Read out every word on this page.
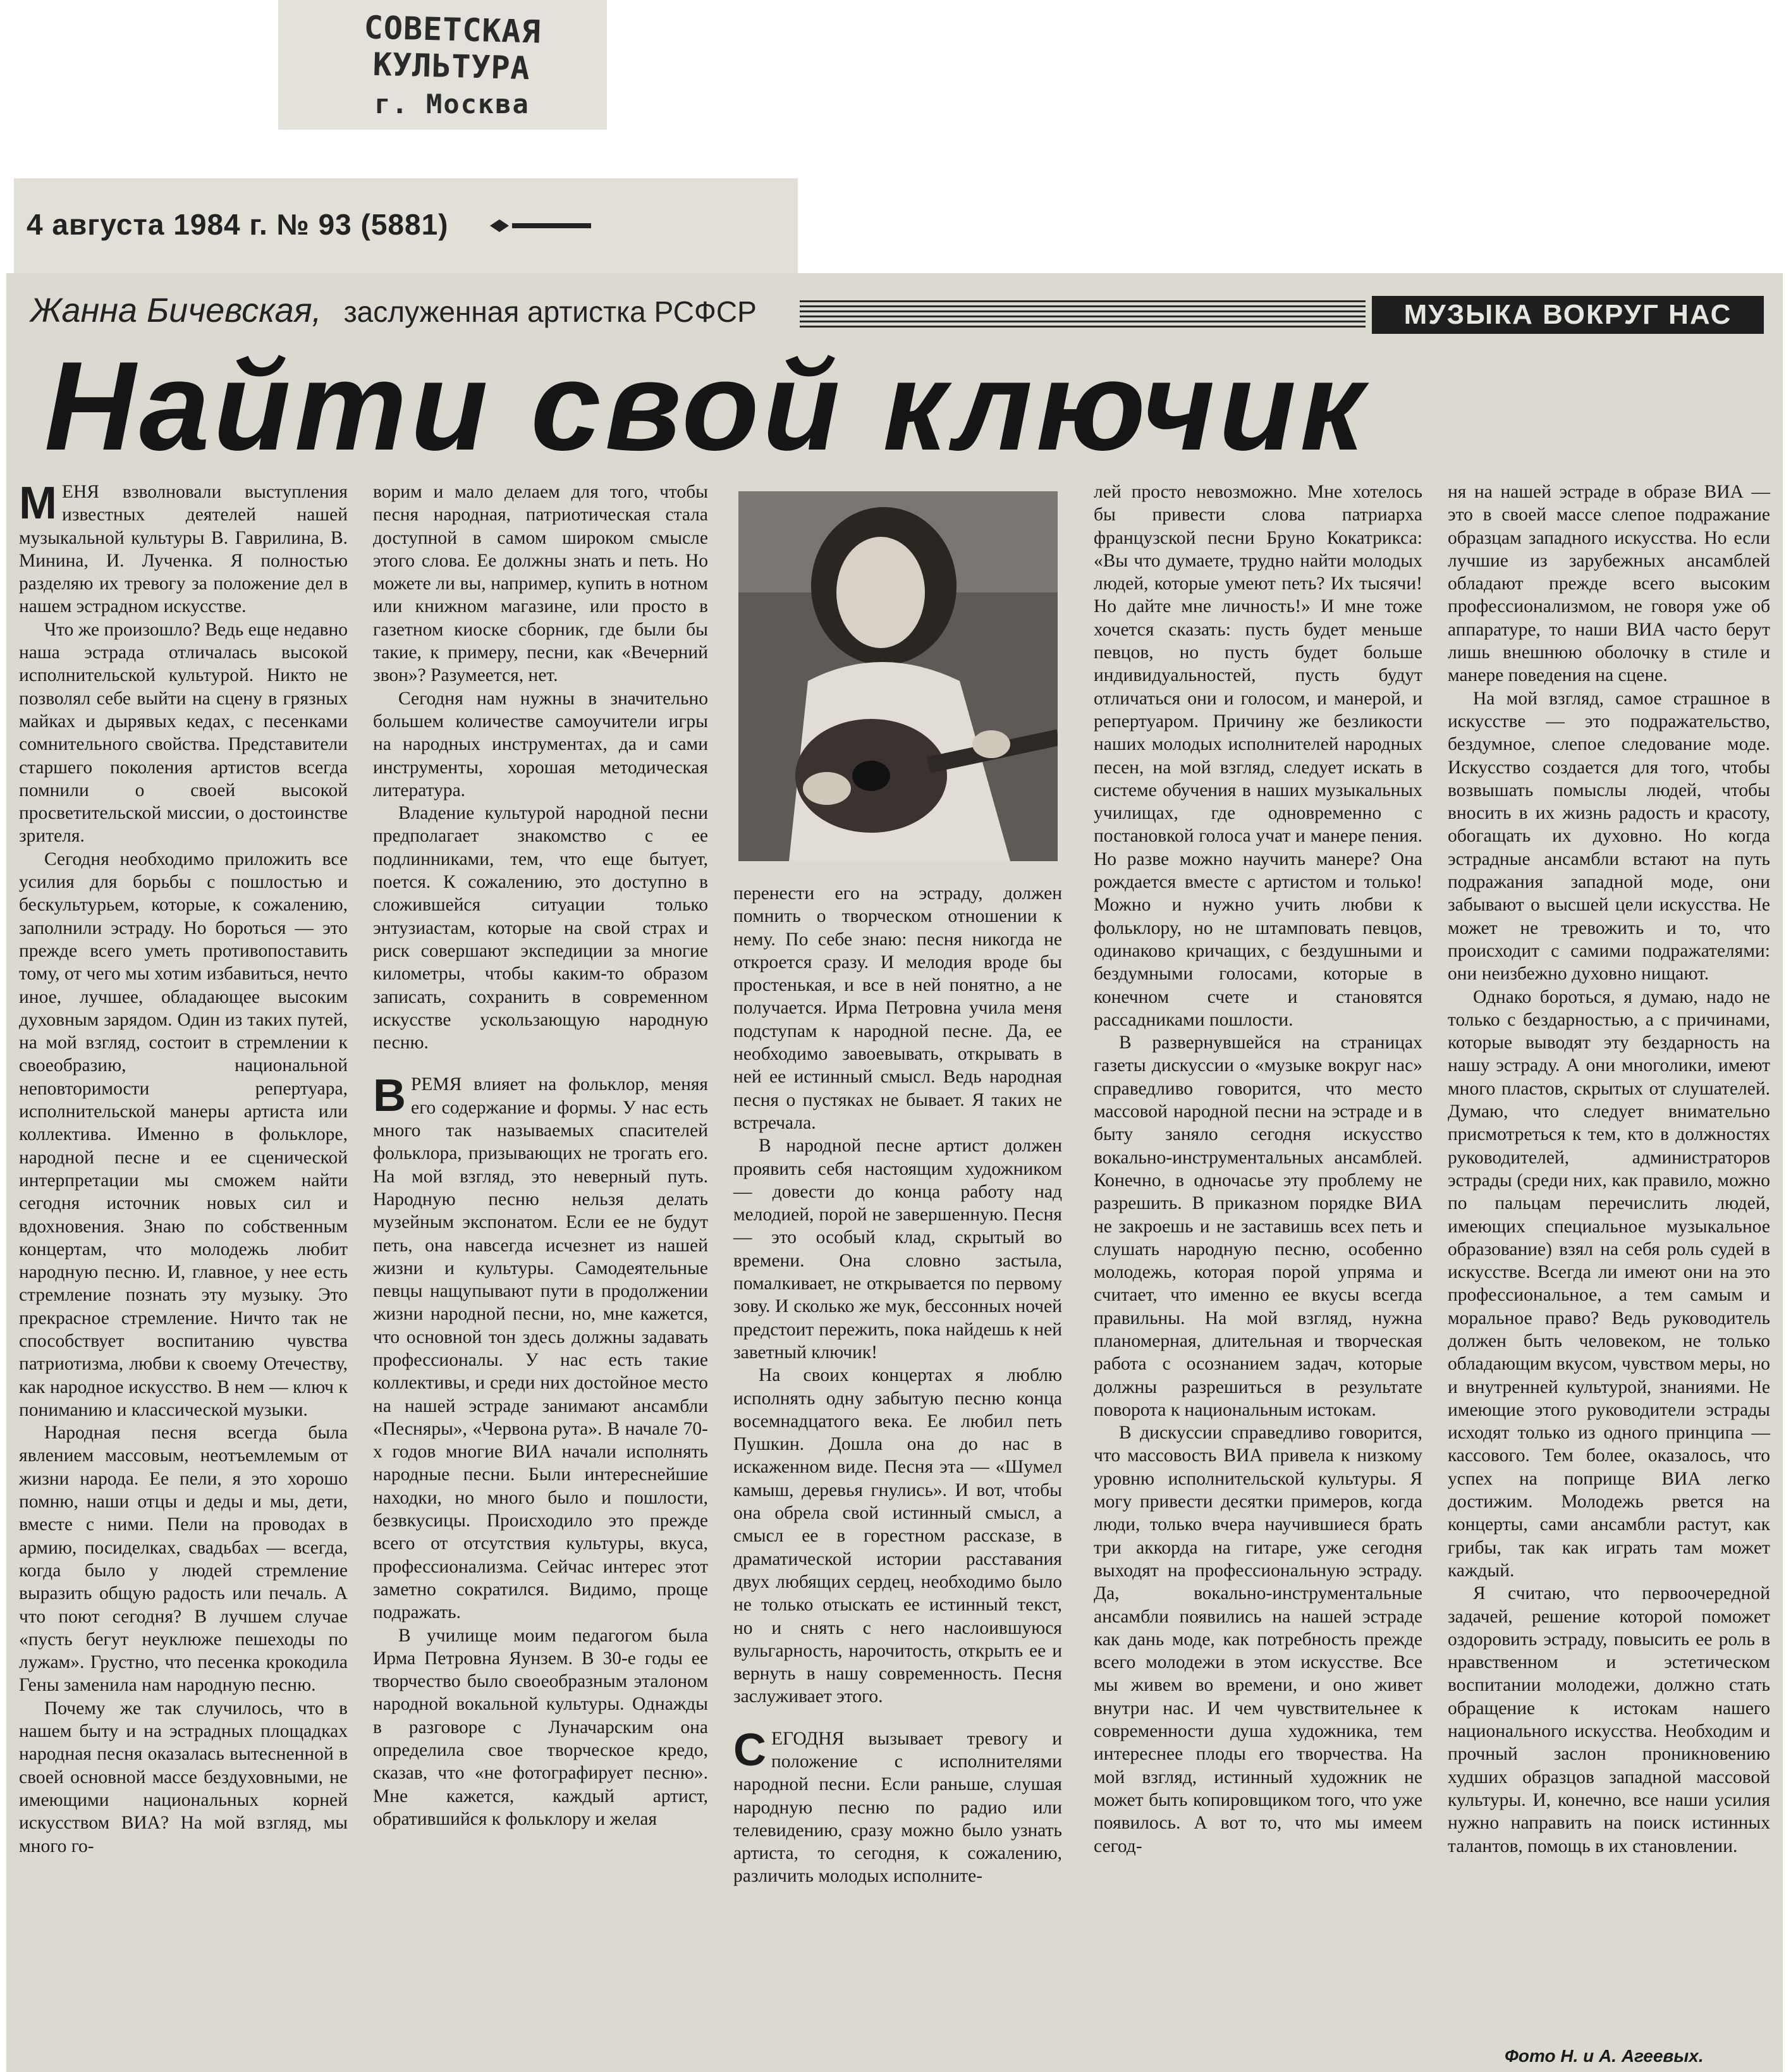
СОВЕТСКАЯ КУЛЬТУРА
г. Москва
4 августа 1984 г. № 93 (5881)
Жанна Бичевская, заслуженная артистка РСФСР	МУЗЫКА ВОКРУГ НАС
Найти свой ключик

МЕНЯ взволновали выступления известных деятелей нашей музыкальной культуры В. Гаврилина, В. Минина, И. Лученка. Я полностью разделяю их тревогу за положение дел в нашем эстрадном искусстве.

Что же произошло? Ведь еще недавно наша эстрада отличалась высокой исполнительской культурой. Никто не позволял себе выйти на сцену в грязных майках и дырявых кедах, с песенками сомнительного свойства. Представители старшего поколения артистов всегда помнили о своей высокой просветительской миссии, о достоинстве зрителя.

Сегодня необходимо приложить все усилия для борьбы с пошлостью и бескультурьем, которые, к сожалению, заполнили эстраду. Но бороться — это прежде всего уметь противопоставить тому, от чего мы хотим избавиться, нечто иное, лучшее, обладающее высоким духовным зарядом. Один из таких путей, на мой взгляд, состоит в стремлении к своеобразию, национальной неповторимости репертуара, исполнительской манеры артиста или коллектива. Именно в фольклоре, народной песне и ее сценической интерпретации мы сможем найти сегодня источник новых сил и вдохновения. Знаю по собственным концертам, что молодежь любит народную песню. И, главное, у нее есть стремление познать эту музыку. Это прекрасное стремление. Ничто так не способствует воспитанию чувства патриотизма, любви к своему Отечеству, как народное искусство. В нем — ключ к пониманию и классической музыки.

Народная песня всегда была явлением массовым, неотъемлемым от жизни народа. Ее пели, я это хорошо помню, наши отцы и деды и мы, дети, вместе с ними. Пели на проводах в армию, посиделках, свадьбах — всегда, когда было у людей стремление выразить общую радость или печаль. А что поют сегодня? В лучшем случае «пусть бегут неуклюже пешеходы по лужам». Грустно, что песенка крокодила Гены заменила нам народную песню.

Почему же так случилось, что в нашем быту и на эстрадных площадках народная песня оказалась вытесненной в своей основной массе бездуховными, не имеющими национальных корней искусством ВИА? На мой взгляд, мы много го-

ворим и мало делаем для того, чтобы песня народная, патриотическая стала доступной в самом широком смысле этого слова. Ее должны знать и петь. Но можете ли вы, например, купить в нотном или книжном магазине, или просто в газетном киоске сборник, где были бы такие, к примеру, песни, как «Вечерний звон»? Разумеется, нет.

Сегодня нам нужны в значительно большем количестве самоучители игры на народных инструментах, да и сами инструменты, хорошая методическая литература.

Владение культурой народной песни предполагает знакомство с ее подлинниками, тем, что еще бытует, поется. К сожалению, это доступно в сложившейся ситуации только энтузиастам, которые на свой страх и риск совершают экспедиции за многие километры, чтобы каким-то образом записать, сохранить в современном искусстве ускользающую народную песню.

ВРЕМЯ влияет на фольклор, меняя его содержание и формы. У нас есть много так называемых спасителей фольклора, призывающих не трогать его. На мой взгляд, это неверный путь. Народную песню нельзя делать музейным экспонатом. Если ее не будут петь, она навсегда исчезнет из нашей жизни и культуры. Самодеятельные певцы нащупывают пути в продолжении жизни народной песни, но, мне кажется, что основной тон здесь должны задавать профессионалы. У нас есть такие коллективы, и среди них достойное место на нашей эстраде занимают ансамбли «Песняры», «Червона рута». В начале 70-х годов многие ВИА начали исполнять народные песни. Были интереснейшие находки, но много было и пошлости, безвкусицы. Происходило это прежде всего от отсутствия культуры, вкуса, профессионализма. Сейчас интерес этот заметно сократился. Видимо, проще подражать.

В училище моим педагогом была Ирма Петровна Яунзем. В 30-е годы ее творчество было своеобразным эталоном народной вокальной культуры. Однажды в разговоре с Луначарским она определила свое творческое кредо, сказав, что «не фотографирует песню». Мне кажется, каждый артист, обратившийся к фольклору и желая

перенести его на эстраду, должен помнить о творческом отношении к нему. По себе знаю: песня никогда не откроется сразу. И мелодия вроде бы простенькая, и все в ней понятно, а не получается. Ирма Петровна учила меня подступам к народной песне. Да, ее необходимо завоевывать, открывать в ней ее истинный смысл. Ведь народная песня о пустяках не бывает. Я таких не встречала.

В народной песне артист должен проявить себя настоящим художником — довести до конца работу над мелодией, порой не завершенную. Песня — это особый клад, скрытый во времени. Она словно застыла, помалкивает, не открывается по первому зову. И сколько же мук, бессонных ночей предстоит пережить, пока найдешь к ней заветный ключик!

На своих концертах я люблю исполнять одну забытую песню конца восемнадцатого века. Ее любил петь Пушкин. Дошла она до нас в искаженном виде. Песня эта — «Шумел камыш, деревья гнулись». И вот, чтобы она обрела свой истинный смысл, а смысл ее в горестном рассказе, в драматической истории расставания двух любящих сердец, необходимо было не только отыскать ее истинный текст, но и снять с него наслоившуюся вульгарность, нарочитость, открыть ее и вернуть в нашу современность. Песня заслуживает этого.

СЕГОДНЯ вызывает тревогу и положение с исполнителями народной песни. Если раньше, слушая народную песню по радио или телевидению, сразу можно было узнать артиста, то сегодня, к сожалению, различить молодых исполните-

лей просто невозможно. Мне хотелось бы привести слова патриарха французской песни Бруно Кокатрикса: «Вы что думаете, трудно найти молодых людей, которые умеют петь? Их тысячи! Но дайте мне личность!» И мне тоже хочется сказать: пусть будет меньше певцов, но пусть будет больше индивидуальностей, пусть будут отличаться они и голосом, и манерой, и репертуаром. Причину же безликости наших молодых исполнителей народных песен, на мой взгляд, следует искать в системе обучения в наших музыкальных училищах, где одновременно с постановкой голоса учат и манере пения. Но разве можно научить манере? Она рождается вместе с артистом и только! Можно и нужно учить любви к фольклору, но не штамповать певцов, одинаково кричащих, с бездушными и бездумными голосами, которые в конечном счете и становятся рассадниками пошлости.

В развернувшейся на страницах газеты дискуссии о «музыке вокруг нас» справедливо говорится, что место массовой народной песни на эстраде и в быту заняло сегодня искусство вокально-инструментальных ансамблей. Конечно, в одночасье эту проблему не разрешить. В приказном порядке ВИА не закроешь и не заставишь всех петь и слушать народную песню, особенно молодежь, которая порой упряма и считает, что именно ее вкусы всегда правильны. На мой взгляд, нужна планомерная, длительная и творческая работа с осознанием задач, которые должны разрешиться в результате поворота к национальным истокам.

В дискуссии справедливо говорится, что массовость ВИА привела к низкому уровню исполнительской культуры. Я могу привести десятки примеров, когда люди, только вчера научившиеся брать три аккорда на гитаре, уже сегодня выходят на профессиональную эстраду. Да, вокально-инструментальные ансамбли появились на нашей эстраде как дань моде, как потребность прежде всего молодежи в этом искусстве. Все мы живем во времени, и оно живет внутри нас. И чем чувствительнее к современности душа художника, тем интереснее плоды его творчества. На мой взгляд, истинный художник не может быть копировщиком того, что уже появилось. А вот то, что мы имеем сегод-

ня на нашей эстраде в образе ВИА — это в своей массе слепое подражание образцам западного искусства. Но если лучшие из зарубежных ансамблей обладают прежде всего высоким профессионализмом, не говоря уже об аппаратуре, то наши ВИА часто берут лишь внешнюю оболочку в стиле и манере поведения на сцене.

На мой взгляд, самое страшное в искусстве — это подражательство, бездумное, слепое следование моде. Искусство создается для того, чтобы возвышать помыслы людей, чтобы вносить в их жизнь радость и красоту, обогащать их духовно. Но когда эстрадные ансамбли встают на путь подражания западной моде, они забывают о высшей цели искусства. Не может не тревожить и то, что происходит с самими подражателями: они неизбежно духовно нищают.

Однако бороться, я думаю, надо не только с бездарностью, а с причинами, которые выводят эту бездарность на нашу эстраду. А они многолики, имеют много пластов, скрытых от слушателей. Думаю, что следует внимательно присмотреться к тем, кто в должностях руководителей, администраторов эстрады (среди них, как правило, можно по пальцам перечислить людей, имеющих специальное музыкальное образование) взял на себя роль судей в искусстве. Всегда ли имеют они на это профессиональное, а тем самым и моральное право? Ведь руководитель должен быть человеком, не только обладающим вкусом, чувством меры, но и внутренней культурой, знаниями. Не имеющие этого руководители эстрады исходят только из одного принципа — кассового. Тем более, оказалось, что успех на поприще ВИА легко достижим. Молодежь рвется на концерты, сами ансамбли растут, как грибы, так как играть там может каждый.

Я считаю, что первоочередной задачей, решение которой поможет оздоровить эстраду, повысить ее роль в нравственном и эстетическом воспитании молодежи, должно стать обращение к истокам нашего национального искусства. Необходим и прочный заслон проникновению худших образцов западной массовой культуры. И, конечно, все наши усилия нужно направить на поиск истинных талантов, помощь в их становлении.

Фото Н. и А. Агеевых.
